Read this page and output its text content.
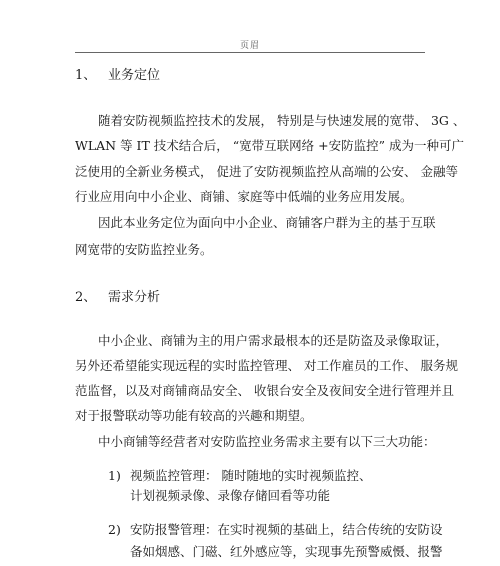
页眉
1、 业务定位
随着安防视频监控技术的发展， 特别是与快速发展的宽带、 3G 、
WLAN 等 IT 技术结合后， “宽带互联网络 +安防监控” 成为一种可广
泛使用的全新业务模式， 促进了安防视频监控从高端的公安、 金融等
行业应用向中小企业、商铺、家庭等中低端的业务应用发展。
因此本业务定位为面向中小企业、商铺客户群为主的基于互联
网宽带的安防监控业务。
2、 需求分析
中小企业、商铺为主的用户需求最根本的还是防盗及录像取证，
另外还希望能实现远程的实时监控管理、 对工作雇员的工作、 服务规
范监督，以及对商铺商品安全、 收银台安全及夜间安全进行管理并且
对于报警联动等功能有较高的兴趣和期望。
中小商铺等经营者对安防监控业务需求主要有以下三大功能：
1) 视频监控管理： 随时随地的实时视频监控、
计划视频录像、录像存储回看等功能
2) 安防报警管理：在实时视频的基础上，结合传统的安防设
备如烟感、门磁、红外感应等，实现事先预警威慑、报警
